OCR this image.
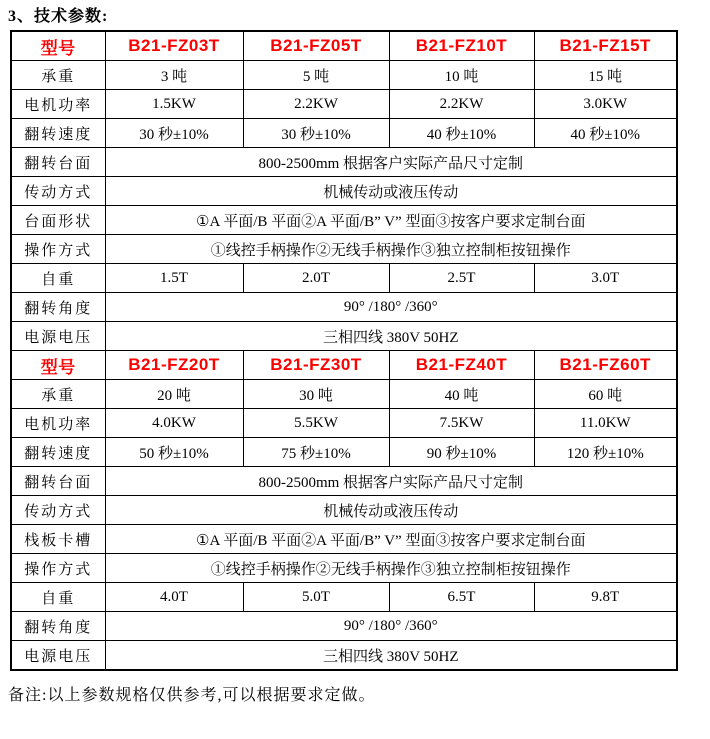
3、技术参数:
型号	B21-FZ03T	B21-FZ05T	B21-FZ10T	B21-FZ15T
承重	3 吨	5 吨	10 吨	15 吨
电机功率	1.5KW	2.2KW	2.2KW	3.0KW
翻转速度	30 秒±10%	30 秒±10%	40 秒±10%	40 秒±10%
翻转台面	800-2500mm 根据客户实际产品尺寸定制			
传动方式	机械传动或液压传动			
台面形状	①A 平面/B 平面②A 平面/B” V” 型面③按客户要求定制台面			
操作方式	①线控手柄操作②无线手柄操作③独立控制柜按钮操作			
自重	1.5T	2.0T	2.5T	3.0T
翻转角度	90° /180° /360°			
电源电压	三相四线 380V 50HZ			
型号	B21-FZ20T	B21-FZ30T	B21-FZ40T	B21-FZ60T
承重	20 吨	30 吨	40 吨	60 吨
电机功率	4.0KW	5.5KW	7.5KW	11.0KW
翻转速度	50 秒±10%	75 秒±10%	90 秒±10%	120 秒±10%
翻转台面	800-2500mm 根据客户实际产品尺寸定制			
传动方式	机械传动或液压传动			
栈板卡槽	①A 平面/B 平面②A 平面/B” V” 型面③按客户要求定制台面			
操作方式	①线控手柄操作②无线手柄操作③独立控制柜按钮操作			
自重	4.0T	5.0T	6.5T	9.8T
翻转角度	90° /180° /360°			
电源电压	三相四线 380V 50HZ			

备注:以上参数规格仅供参考,可以根据要求定做。
